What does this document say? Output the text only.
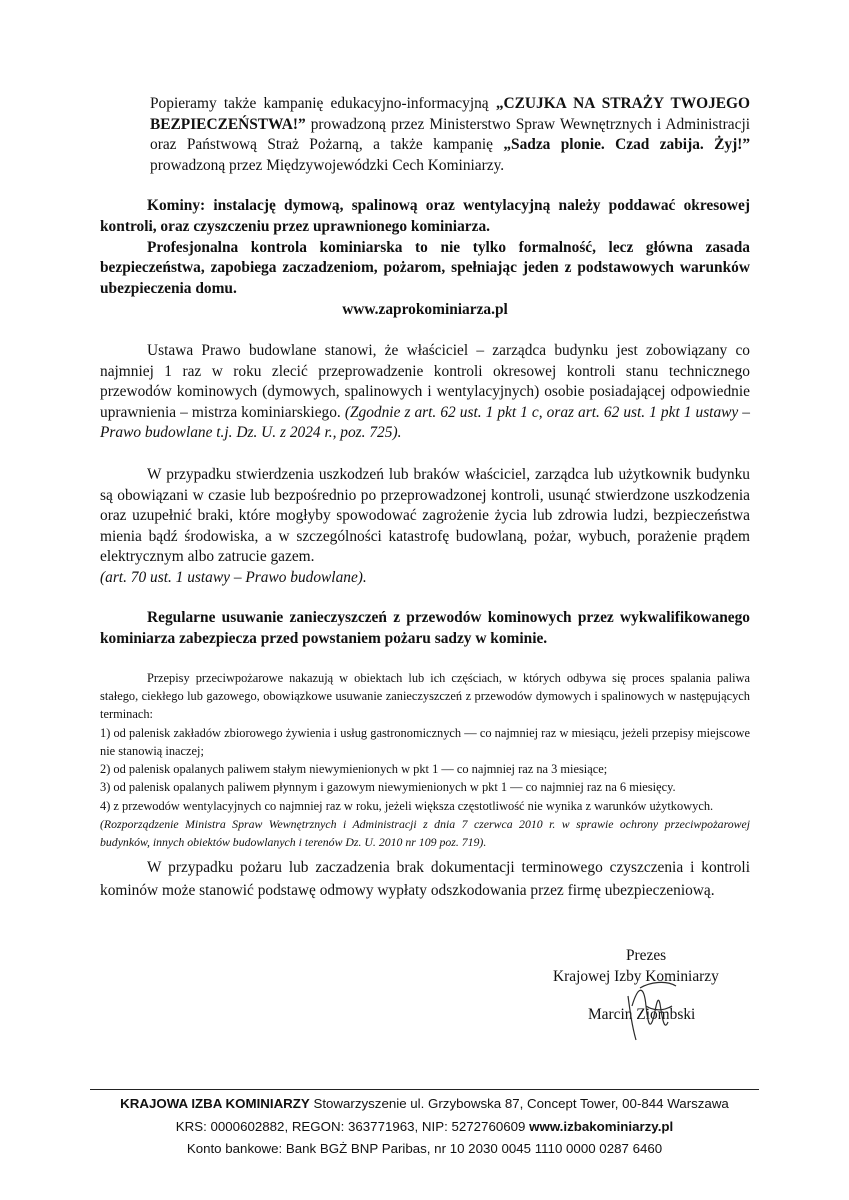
Popieramy także kampanię edukacyjno-informacyjną „CZUJKA NA STRAŻY TWOJEGO BEZPIECZEŃSTWA!” prowadzoną przez Ministerstwo Spraw Wewnętrznych i Administracji oraz Państwową Straż Pożarną, a także kampanię „Sadza plonie. Czad zabija. Żyj!” prowadzoną przez Międzywojewódzki Cech Kominiarzy.

Kominy: instalację dymową, spalinową oraz wentylacyjną należy poddawać okresowej kontroli, oraz czyszczeniu przez uprawnionego kominiarza.

Profesjonalna kontrola kominiarska to nie tylko formalność, lecz główna zasada bezpieczeństwa, zapobiega zaczadzeniom, pożarom, spełniając jeden z podstawowych warunków ubezpieczenia domu.

www.zaprokominiarza.pl

Ustawa Prawo budowlane stanowi, że właściciel – zarządca budynku jest zobowiązany co najmniej 1 raz w roku zlecić przeprowadzenie kontroli okresowej kontroli stanu technicznego przewodów kominowych (dymowych, spalinowych i wentylacyjnych) osobie posiadającej odpowiednie uprawnienia – mistrza kominiarskiego. (Zgodnie z art. 62 ust. 1 pkt 1 c, oraz art. 62 ust. 1 pkt 1 ustawy – Prawo budowlane t.j. Dz. U. z 2024 r., poz. 725).

W przypadku stwierdzenia uszkodzeń lub braków właściciel, zarządca lub użytkownik budynku są obowiązani w czasie lub bezpośrednio po przeprowadzonej kontroli, usunąć stwierdzone uszkodzenia oraz uzupełnić braki, które mogłyby spowodować zagrożenie życia lub zdrowia ludzi, bezpieczeństwa mienia bądź środowiska, a w szczególności katastrofę budowlaną, pożar, wybuch, porażenie prądem elektrycznym albo zatrucie gazem.

(art. 70 ust. 1 ustawy – Prawo budowlane).

Regularne usuwanie zanieczyszczeń z przewodów kominowych przez wykwalifikowanego kominiarza zabezpiecza przed powstaniem pożaru sadzy w kominie.

Przepisy przeciwpożarowe nakazują w obiektach lub ich częściach, w których odbywa się proces spalania paliwa stałego, ciekłego lub gazowego, obowiązkowe usuwanie zanieczyszczeń z przewodów dymowych i spalinowych w następujących terminach:

1) od palenisk zakładów zbiorowego żywienia i usług gastronomicznych — co najmniej raz w miesiącu, jeżeli przepisy miejscowe nie stanowią inaczej;

2) od palenisk opalanych paliwem stałym niewymienionych w pkt 1 — co najmniej raz na 3 miesiące;

3) od palenisk opalanych paliwem płynnym i gazowym niewymienionych w pkt 1 — co najmniej raz na 6 miesięcy.

4) z przewodów wentylacyjnych co najmniej raz w roku, jeżeli większa częstotliwość nie wynika z warunków użytkowych.

(Rozporządzenie Ministra Spraw Wewnętrznych i Administracji z dnia 7 czerwca 2010 r. w sprawie ochrony przeciwpożarowej budynków, innych obiektów budowlanych i terenów Dz. U. 2010 nr 109 poz. 719).

W przypadku pożaru lub zaczadzenia brak dokumentacji terminowego czyszczenia i kontroli kominów może stanowić podstawę odmowy wypłaty odszkodowania przez firmę ubezpieczeniową.

Prezes
Krajowej Izby Kominiarzy
Marcin Ziombski
KRAJOWA IZBA KOMINIARZY Stowarzyszenie ul. Grzybowska 87, Concept Tower, 00-844 Warszawa
KRS: 0000602882, REGON: 363771963, NIP: 5272760609 www.izbakominiarzy.pl
Konto bankowe: Bank BGŻ BNP Paribas, nr 10 2030 0045 1110 0000 0287 6460
